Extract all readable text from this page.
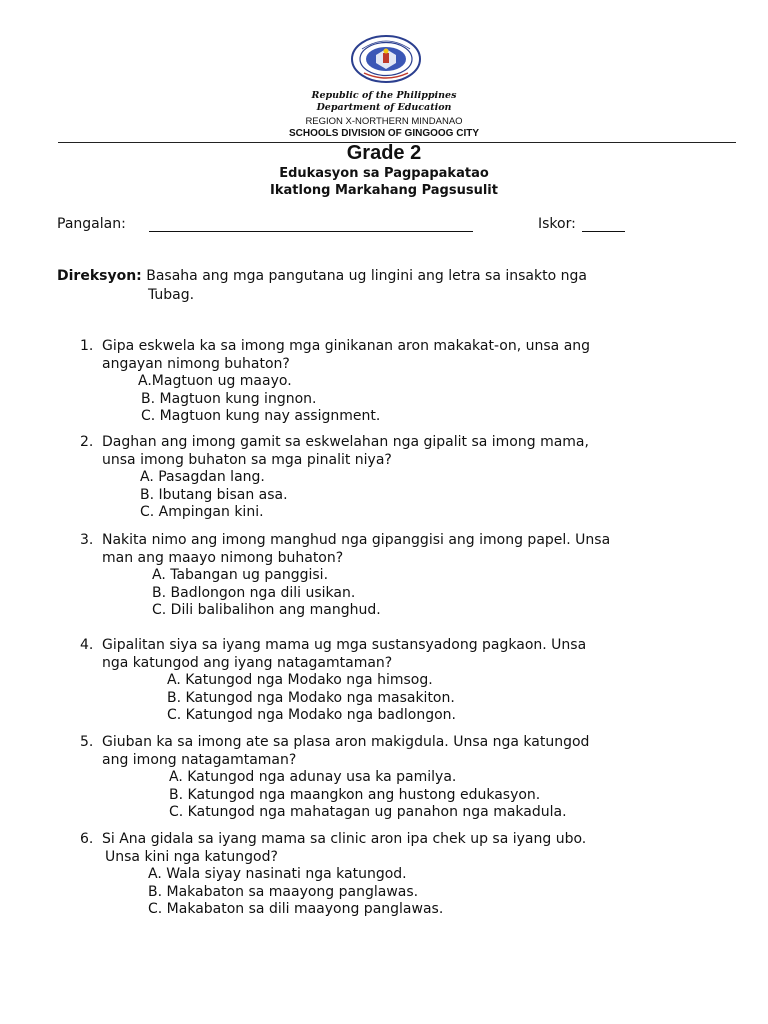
Republic of the Philippines
Department of Education
REGION X-NORTHERN MINDANAO
SCHOOLS DIVISION OF GINGOOG CITY
Grade 2
Edukasyon sa Pagpapakatao
Ikatlong Markahang Pagsusulit
Pangalan:	Iskor:
Direksyon: Basaha ang mga pangutana ug lingini ang letra sa insakto nga
Tubag.
1. Gipa eskwela ka sa imong mga ginikanan aron makakat-on, unsa ang
angayan nimong buhaton?
A.Magtuon ug maayo.
B. Magtuon kung ingnon.
C. Magtuon kung nay assignment.
2. Daghan ang imong gamit sa eskwelahan nga gipalit sa imong mama,
unsa imong buhaton sa mga pinalit niya?
A. Pasagdan lang.
B. Ibutang bisan asa.
C. Ampingan kini.
3. Nakita nimo ang imong manghud nga gipanggisi ang imong papel. Unsa
man ang maayo nimong buhaton?
A. Tabangan ug panggisi.
B. Badlongon nga dili usikan.
C. Dili balibalihon ang manghud.
4. Gipalitan siya sa iyang mama ug mga sustansyadong pagkaon. Unsa
nga katungod ang iyang natagamtaman?
A. Katungod nga Modako nga himsog.
B. Katungod nga Modako nga masakiton.
C. Katungod nga Modako nga badlongon.
5. Giuban ka sa imong ate sa plasa aron makigdula. Unsa nga katungod
ang imong natagamtaman?
A. Katungod nga adunay usa ka pamilya.
B. Katungod nga maangkon ang hustong edukasyon.
C. Katungod nga mahatagan ug panahon nga makadula.
6. Si Ana gidala sa iyang mama sa clinic aron ipa chek up sa iyang ubo.
Unsa kini nga katungod?
A. Wala siyay nasinati nga katungod.
B. Makabaton sa maayong panglawas.
C. Makabaton sa dili maayong panglawas.
